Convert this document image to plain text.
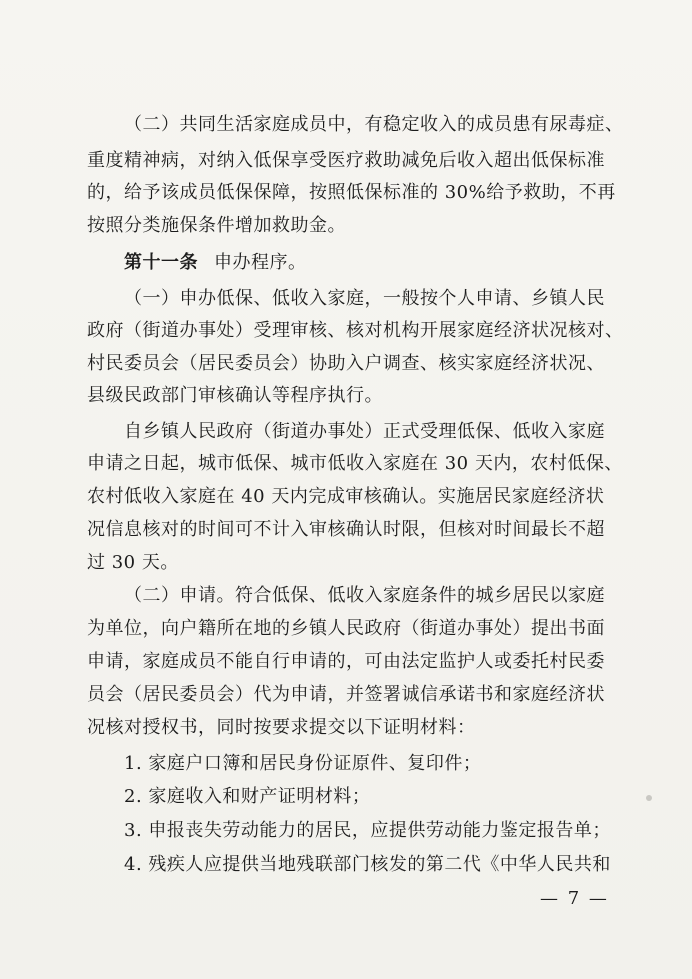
（二）共同生活家庭成员中，有稳定收入的成员患有尿毒症、
重度精神病，对纳入低保享受医疗救助减免后收入超出低保标准
的，给予该成员低保保障，按照低保标准的 30%给予救助，不再
按照分类施保条件增加救助金。
第十一条 申办程序。
（一）申办低保、低收入家庭，一般按个人申请、乡镇人民
政府（街道办事处）受理审核、核对机构开展家庭经济状况核对、
村民委员会（居民委员会）协助入户调查、核实家庭经济状况、
县级民政部门审核确认等程序执行。
自乡镇人民政府（街道办事处）正式受理低保、低收入家庭
申请之日起，城市低保、城市低收入家庭在 30 天内，农村低保、
农村低收入家庭在 40 天内完成审核确认。实施居民家庭经济状
况信息核对的时间可不计入审核确认时限，但核对时间最长不超
过 30 天。
（二）申请。符合低保、低收入家庭条件的城乡居民以家庭
为单位，向户籍所在地的乡镇人民政府（街道办事处）提出书面
申请，家庭成员不能自行申请的，可由法定监护人或委托村民委
员会（居民委员会）代为申请，并签署诚信承诺书和家庭经济状
况核对授权书，同时按要求提交以下证明材料：
1. 家庭户口簿和居民身份证原件、复印件；
2. 家庭收入和财产证明材料；
3. 申报丧失劳动能力的居民，应提供劳动能力鉴定报告单；
4. 残疾人应提供当地残联部门核发的第二代《中华人民共和
— 7 —
